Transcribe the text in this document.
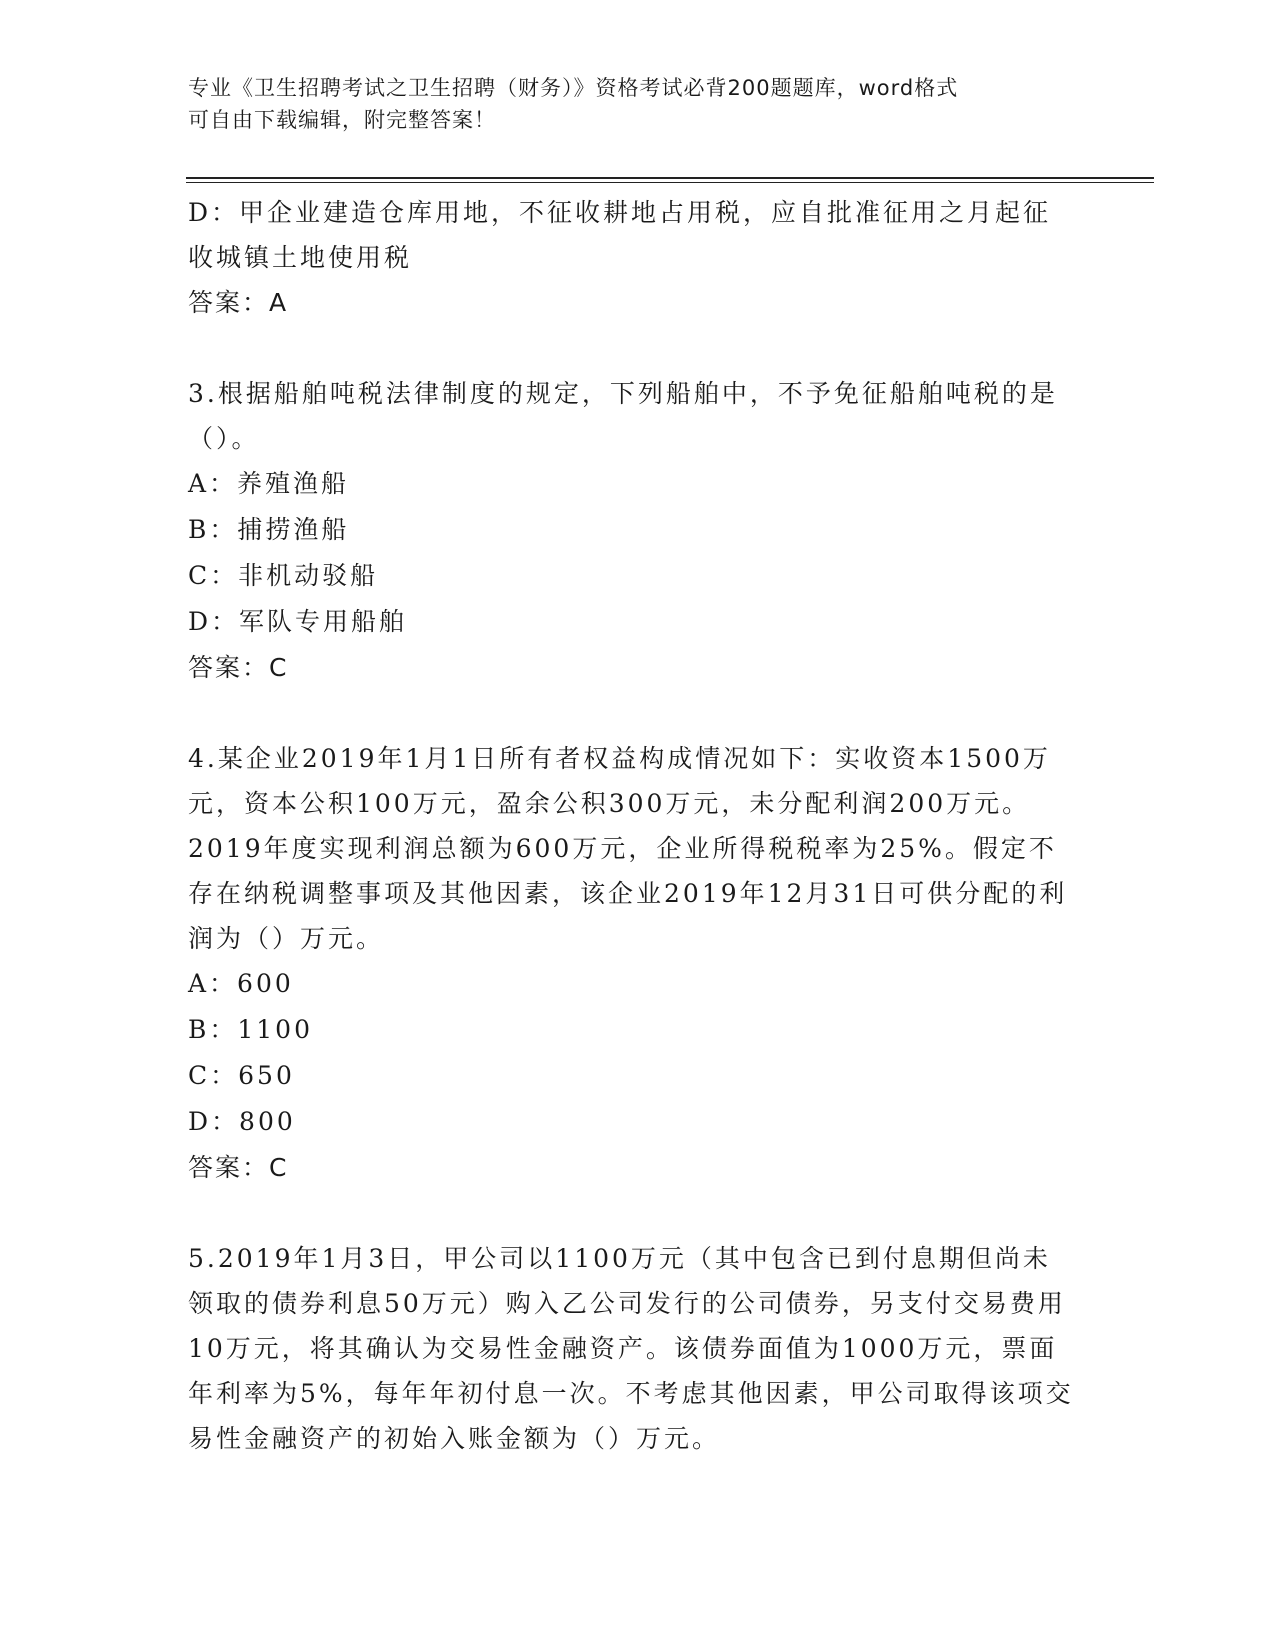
专业《卫生招聘考试之卫生招聘（财务）》资格考试必背200题题库，word格式
可自由下载编辑，附完整答案！
D：甲企业建造仓库用地，不征收耕地占用税，应自批准征用之月起征收城镇土地使用税
答案：A
3.根据船舶吨税法律制度的规定，下列船舶中，不予免征船舶吨税的是（）。
A：养殖渔船
B：捕捞渔船
C：非机动驳船
D：军队专用船舶
答案：C
4.某企业2019年1月1日所有者权益构成情况如下：实收资本1500万元，资本公积100万元，盈余公积300万元，未分配利润200万元。2019年度实现利润总额为600万元，企业所得税税率为25%。假定不存在纳税调整事项及其他因素，该企业2019年12月31日可供分配的利润为（）万元。
A：600
B：1100
C：650
D：800
答案：C
5.2019年1月3日，甲公司以1100万元（其中包含已到付息期但尚未领取的债券利息50万元）购入乙公司发行的公司债券，另支付交易费用10万元，将其确认为交易性金融资产。该债券面值为1000万元，票面年利率为5%，每年年初付息一次。不考虑其他因素，甲公司取得该项交易性金融资产的初始入账金额为（）万元。
